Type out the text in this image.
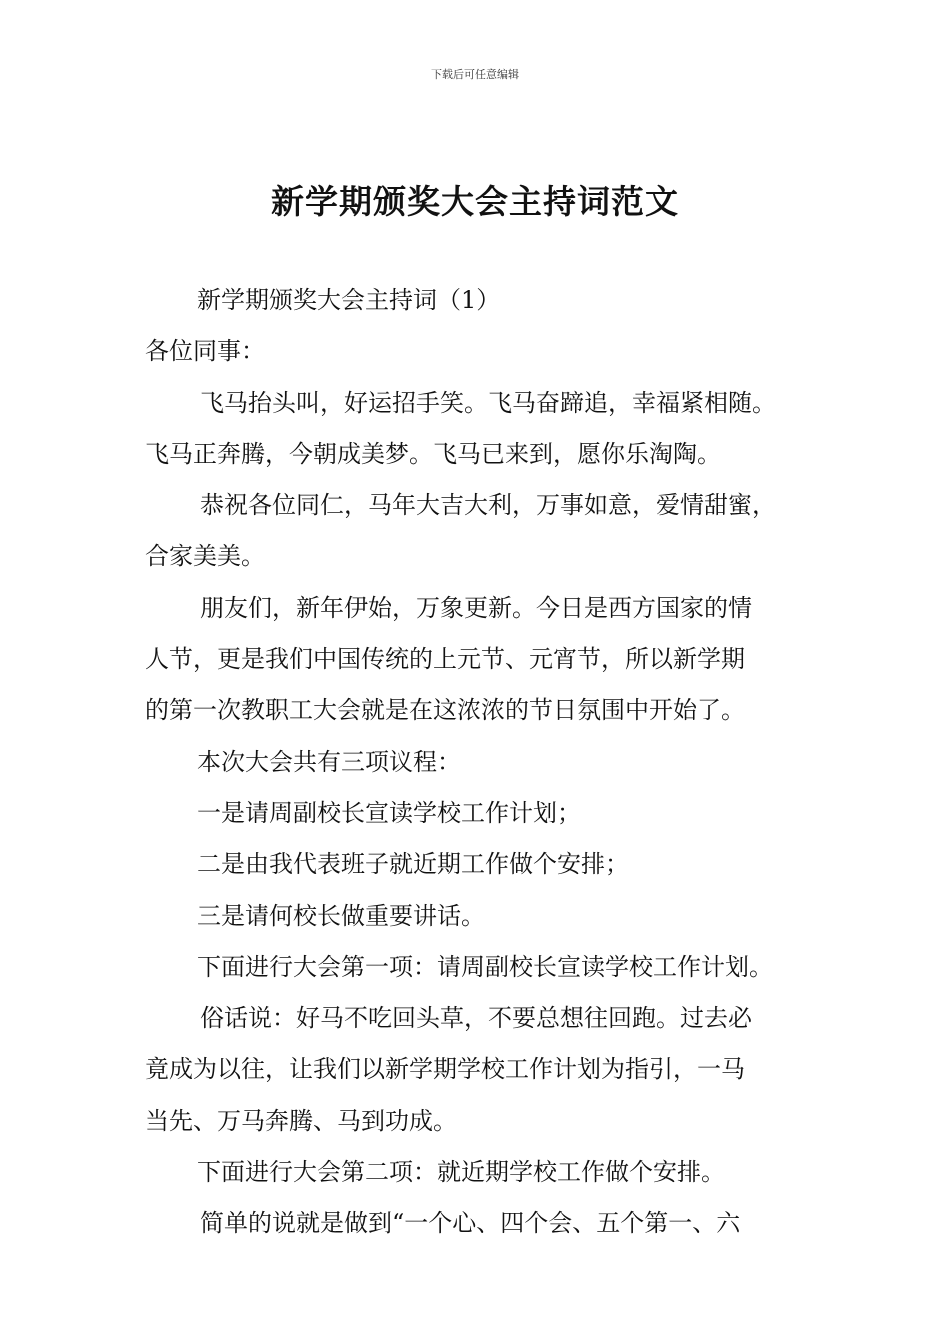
下载后可任意编辑
新学期颁奖大会主持词范文
新学期颁奖大会主持词（1）
各位同事：
飞马抬头叫，好运招手笑。飞马奋蹄追，幸福紧相随。
飞马正奔腾，今朝成美梦。飞马已来到，愿你乐淘陶。
恭祝各位同仁，马年大吉大利，万事如意，爱情甜蜜，
合家美美。
朋友们，新年伊始，万象更新。今日是西方国家的情
人节，更是我们中国传统的上元节、元宵节，所以新学期
的第一次教职工大会就是在这浓浓的节日氛围中开始了。
本次大会共有三项议程：
一是请周副校长宣读学校工作计划；
二是由我代表班子就近期工作做个安排；
三是请何校长做重要讲话。
下面进行大会第一项：请周副校长宣读学校工作计划。
俗话说：好马不吃回头草，不要总想往回跑。过去必
竟成为以往，让我们以新学期学校工作计划为指引，一马
当先、万马奔腾、马到功成。
下面进行大会第二项：就近期学校工作做个安排。
简单的说就是做到“一个心、四个会、五个第一、六
